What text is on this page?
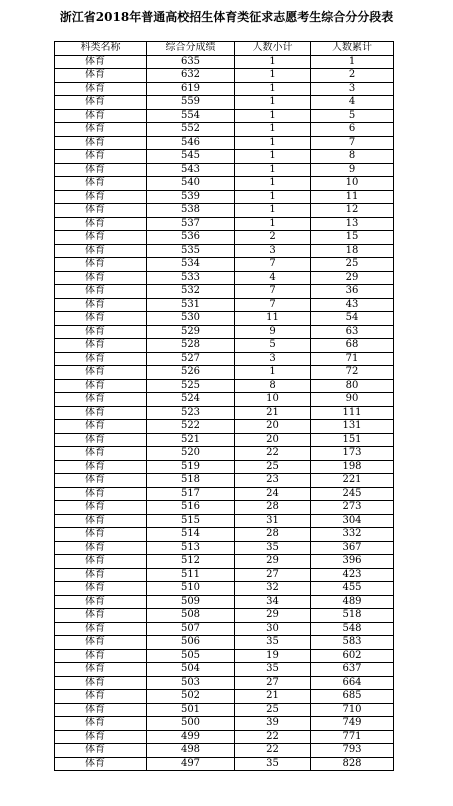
浙江省2018年普通高校招生体育类征求志愿考生综合分分段表
科类名称	综合分成绩	人数小计	人数累计
体育	635	1	1
体育	632	1	2
体育	619	1	3
体育	559	1	4
体育	554	1	5
体育	552	1	6
体育	546	1	7
体育	545	1	8
体育	543	1	9
体育	540	1	10
体育	539	1	11
体育	538	1	12
体育	537	1	13
体育	536	2	15
体育	535	3	18
体育	534	7	25
体育	533	4	29
体育	532	7	36
体育	531	7	43
体育	530	11	54
体育	529	9	63
体育	528	5	68
体育	527	3	71
体育	526	1	72
体育	525	8	80
体育	524	10	90
体育	523	21	111
体育	522	20	131
体育	521	20	151
体育	520	22	173
体育	519	25	198
体育	518	23	221
体育	517	24	245
体育	516	28	273
体育	515	31	304
体育	514	28	332
体育	513	35	367
体育	512	29	396
体育	511	27	423
体育	510	32	455
体育	509	34	489
体育	508	29	518
体育	507	30	548
体育	506	35	583
体育	505	19	602
体育	504	35	637
体育	503	27	664
体育	502	21	685
体育	501	25	710
体育	500	39	749
体育	499	22	771
体育	498	22	793
体育	497	35	828
